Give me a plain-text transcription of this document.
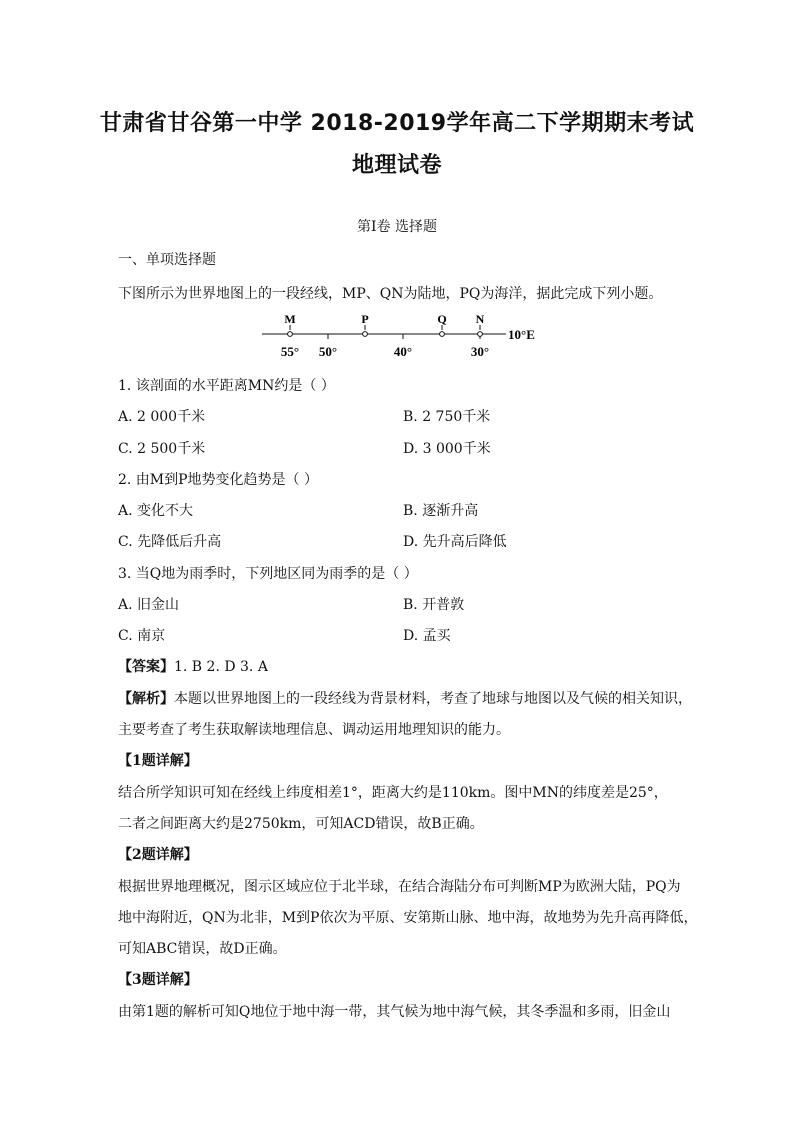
甘肃省甘谷第一中学 2018-2019学年高二下学期期末考试
地理试卷
第Ⅰ卷 选择题
一、单项选择题
下图所示为世界地图上的一段经线，MP、QN为陆地，PQ为海洋，据此完成下列小题。
M	P	Q N
10°E
55° 50°	40°	30°
1. 该剖面的水平距离MN约是（ ）
A. 2 000千米	B. 2 750千米
C. 2 500千米	D. 3 000千米
2. 由M到P地势变化趋势是（ ）
A. 变化不大	B. 逐渐升高
C. 先降低后升高	D. 先升高后降低
3. 当Q地为雨季时，下列地区同为雨季的是（ ）
A. 旧金山	B. 开普敦
C. 南京	D. 孟买
【答案】1. B 2. D 3. A
【解析】本题以世界地图上的一段经线为背景材料，考查了地球与地图以及气候的相关知识，
主要考查了考生获取解读地理信息、调动运用地理知识的能力。
【1题详解】
结合所学知识可知在经线上纬度相差1°，距离大约是110km。图中MN的纬度差是25°，
二者之间距离大约是2750km，可知ACD错误，故B正确。
【2题详解】
根据世界地理概况，图示区域应位于北半球，在结合海陆分布可判断MP为欧洲大陆，PQ为
地中海附近，QN为北非，M到P依次为平原、安第斯山脉、地中海，故地势为先升高再降低，
可知ABC错误，故D正确。
【3题详解】
由第1题的解析可知Q地位于地中海一带，其气候为地中海气候，其冬季温和多雨，旧金山
